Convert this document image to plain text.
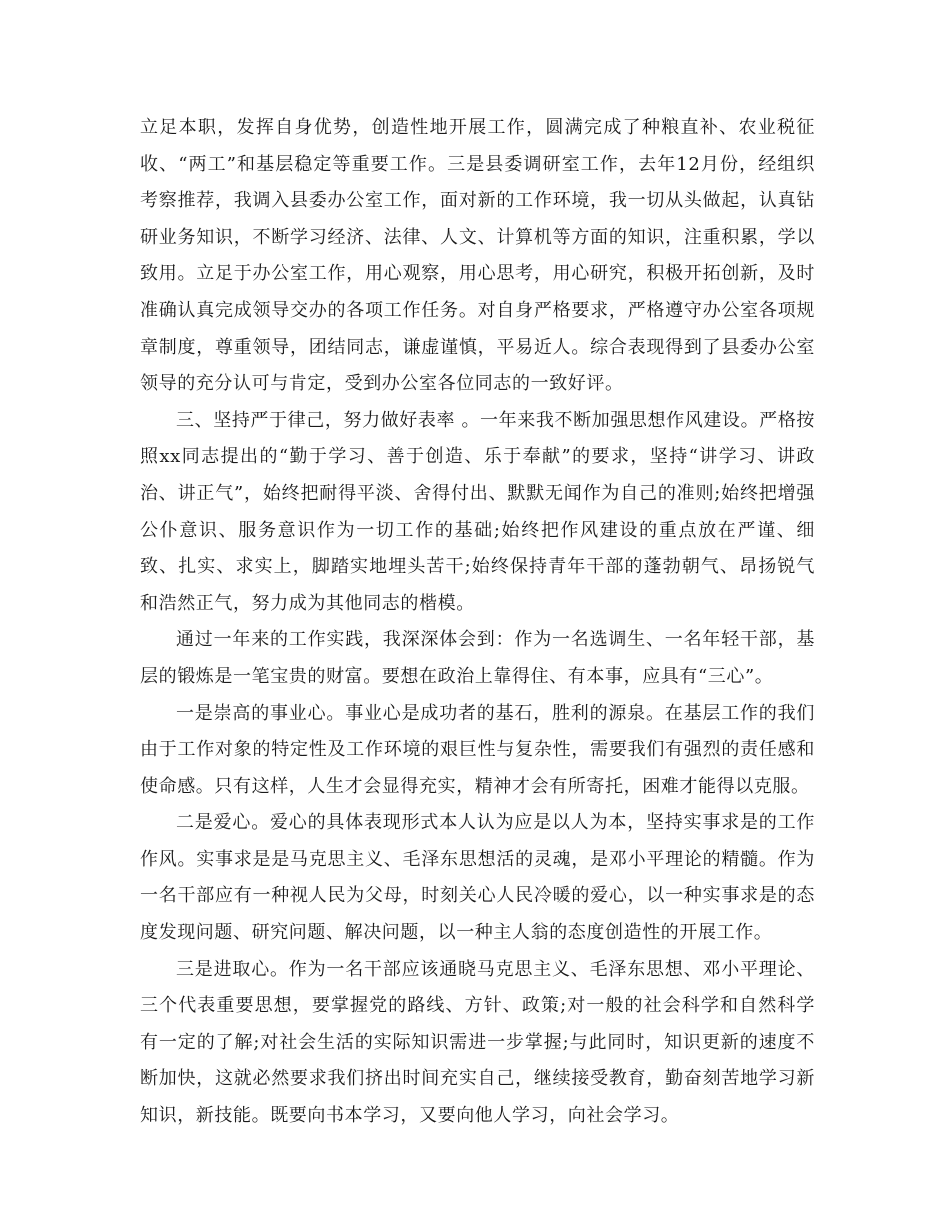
立足本职，发挥自身优势，创造性地开展工作，圆满完成了种粮直补、农业税征收、“两工”和基层稳定等重要工作。三是县委调研室工作，去年12月份，经组织考察推荐，我调入县委办公室工作，面对新的工作环境，我一切从头做起，认真钻研业务知识，不断学习经济、法律、人文、计算机等方面的知识，注重积累，学以致用。立足于办公室工作，用心观察，用心思考，用心研究，积极开拓创新，及时准确认真完成领导交办的各项工作任务。对自身严格要求，严格遵守办公室各项规章制度，尊重领导，团结同志，谦虚谨慎，平易近人。综合表现得到了县委办公室领导的充分认可与肯定，受到办公室各位同志的一致好评。

三、坚持严于律己，努力做好表率 。一年来我不断加强思想作风建设。严格按照xx同志提出的“勤于学习、善于创造、乐于奉献”的要求，坚持“讲学习、讲政治、讲正气”，始终把耐得平淡、舍得付出、默默无闻作为自己的准则;始终把增强公仆意识、服务意识作为一切工作的基础;始终把作风建设的重点放在严谨、细致、扎实、求实上，脚踏实地埋头苦干;始终保持青年干部的蓬勃朝气、昂扬锐气和浩然正气，努力成为其他同志的楷模。

通过一年来的工作实践，我深深体会到：作为一名选调生、一名年轻干部，基层的锻炼是一笔宝贵的财富。要想在政治上靠得住、有本事，应具有“三心”。

一是崇高的事业心。事业心是成功者的基石，胜利的源泉。在基层工作的我们由于工作对象的特定性及工作环境的艰巨性与复杂性，需要我们有强烈的责任感和使命感。只有这样，人生才会显得充实，精神才会有所寄托，困难才能得以克服。

二是爱心。爱心的具体表现形式本人认为应是以人为本，坚持实事求是的工作作风。实事求是是马克思主义、毛泽东思想活的灵魂，是邓小平理论的精髓。作为一名干部应有一种视人民为父母，时刻关心人民冷暖的爱心，以一种实事求是的态度发现问题、研究问题、解决问题，以一种主人翁的态度创造性的开展工作。

三是进取心。作为一名干部应该通晓马克思主义、毛泽东思想、邓小平理论、三个代表重要思想，要掌握党的路线、方针、政策;对一般的社会科学和自然科学有一定的了解;对社会生活的实际知识需进一步掌握;与此同时，知识更新的速度不断加快，这就必然要求我们挤出时间充实自己，继续接受教育，勤奋刻苦地学习新知识，新技能。既要向书本学习，又要向他人学习，向社会学习。
